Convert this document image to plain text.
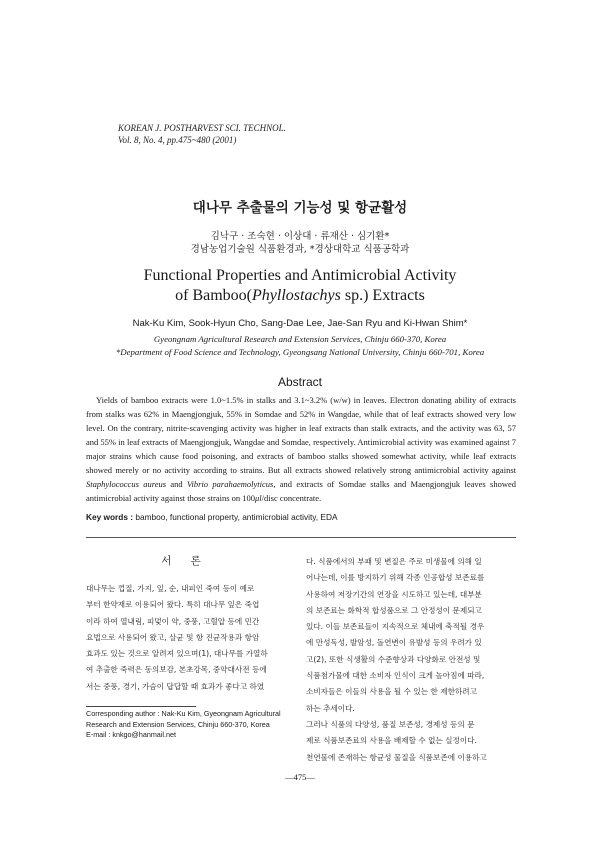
KOREAN J. POSTHARVEST SCI. TECHNOL.
Vol. 8, No. 4, pp.475~480 (2001)
대나무 추출물의 기능성 및 항균활성
김낙구 · 조숙현 · 이상대 · 류재산 · 심기환*
경남농업기술원 식품환경과, *경상대학교 식품공학과
Functional Properties and Antimicrobial Activity
of Bamboo(Phyllostachys sp.) Extracts
Nak-Ku Kim, Sook-Hyun Cho, Sang-Dae Lee, Jae-San Ryu and Ki-Hwan Shim*
Gyeongnam Agricultural Research and Extension Services, Chinju 660-370, Korea
*Department of Food Science and Technology, Gyeongsang National University, Chinju 660-701, Korea
Abstract
Yields of bamboo extracts were 1.0~1.5% in stalks and 3.1~3.2% (w/w) in leaves. Electron donating ability of extracts from stalks was 62% in Maengjongjuk, 55% in Somdae and 52% in Wangdae, while that of leaf extracts showed very low level. On the contrary, nitrite-scavenging activity was higher in leaf extracts than stalk extracts, and the activity was 63, 57 and 55% in leaf extracts of Maengjongjuk, Wangdae and Somdae, respectively. Antimicrobial activity was examined against 7 major strains which cause food poisoning, and extracts of bamboo stalks showed somewhat activity, while leaf extracts showed merely or no activity according to strains. But all extracts showed relatively strong antimicrobial activity against Staphylococcus aureus and Vibrio parahaemolyticus, and extracts of Somdae stalks and Maengjongjuk leaves showed antimicrobial activity against those strains on 100μl/disc concentrate.
Key words : bamboo, functional property, antimicrobial activity, EDA
서 론
대나무는 껍질, 가지, 잎, 순, 내피인 죽여 등이 예로
부터 한약재로 이용되어 왔다. 특히 대나무 잎은 죽엽
이라 하여 열내림, 피멎이 약, 중풍, 고혈압 등에 민간
요법으로 사용되어 왔고, 살균 및 항 진균작용과 항암
효과도 있는 것으로 알려져 있으며(1), 대나무를 가열하
여 추출한 죽력은 동의보감, 본초강목, 중약대사전 등에
서는 중풍, 경기, 가슴이 답답할 때 효과가 좋다고 하였
다. 식품에서의 부패 및 변질은 주로 미생물에 의해 일
어나는데, 이를 방지하기 위해 각종 인공합성 보존료를
사용하여 저장기간의 연장을 시도하고 있는데, 대부분
의 보존료는 화학적 합성품으로 그 안정성이 문제되고
있다. 이들 보존료들이 지속적으로 체내에 축적될 경우
에 만성독성, 발암성, 돌연변이 유발성 등의 우려가 있
고(2), 또한 식생활의 수준향상과 다양화로 안전성 및
식품첨가물에 대한 소비자 인식이 크게 높아짐에 따라,
소비자들은 이들의 사용을 될 수 있는 한 제한하려고
하는 추세이다.
그러나 식품의 다양성, 품질 보존성, 경제성 등의 문
제로 식품보존료의 사용을 배제할 수 없는 실정이다.
천연물에 존재하는 항균성 물질을 식품보존에 이용하고
Corresponding author : Nak-Ku Kim, Gyeongnam Agricultural
Research and Extension Services, Chinju 660-370, Korea
E-mail : knkgo@hanmail.net
—475—
